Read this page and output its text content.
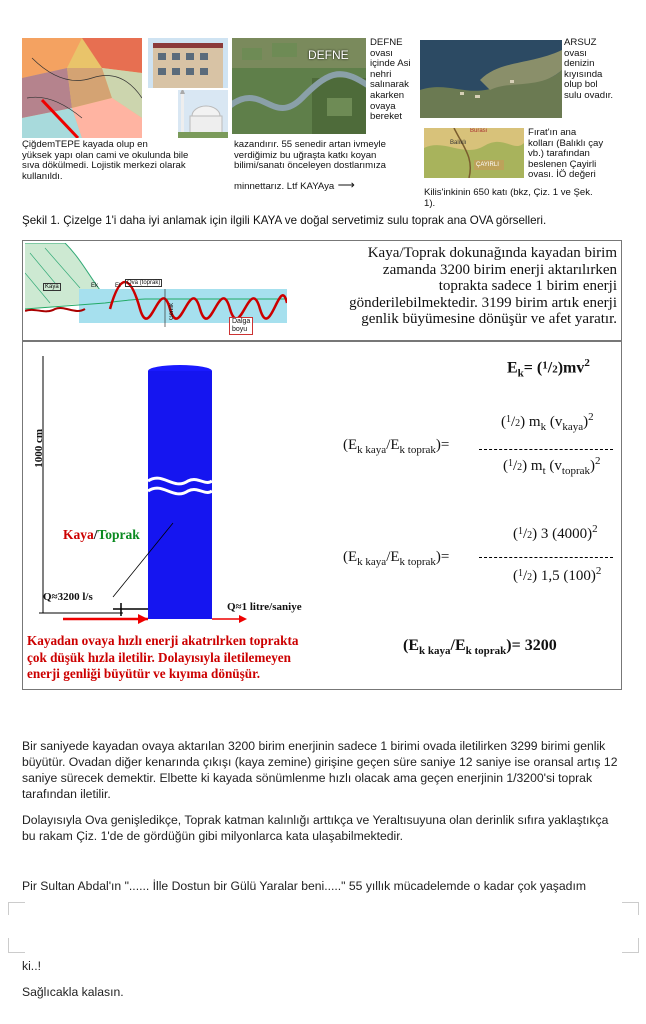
DEFNE
DEFNE
ovası
içinde Asi
nehri
salınarak
akarken
ovaya
bereket
ARSUZ
ovası
denizin
kıyısında
olup bol
sulu ovadır.
ÇiğdemTEPE kayada olup en
yüksek yapı olan cami ve okulunda bile
sıva dökülmedi. Lojistik merkezi olarak
kullanıldı.
kazandırır. 55 senedir artan ivmeyle
verdiğimiz bu uğraşta katkı koyan
bilimi/sanatı önceleyen dostlarımıza
minnettarız. Ltf KAYAya ⟶
Burası
Balıklı
ÇAYIRLI
Fırat'ın ana
kolları (Balıklı çay
vb.) tarafından
beslenen Çayirli
ovası. İÖ değeri
Kilis'inkinin 650 katı (bkz, Çiz. 1 ve Şek.
1).
Şekil 1. Çizelge 1'i daha iyi anlamak için ilgili KAYA ve doğal servetimiz sulu toprak ana OVA görselleri.
Kaya	Ek	Et	Ova (toprak)
Genlik
Dalga
boyu
Kaya/Toprak dokunağında kayadan birim
zamanda 3200 birim enerji aktarılırken
toprakta sadece 1 birim enerji
gönderilebilmektedir. 3199 birim artık enerji
genlik büyümesine dönüşür ve afet yaratır.
1000 cm
Kaya/Toprak
Q≈3200 l/s
Q≈1 litre/saniye
Kayadan ovaya hızlı enerji akatrılrken toprakta
çok düşük hızla iletilir. Dolayısıyla iletilemeyen
enerji genliği büyütür ve kıyıma dönüşür.
$E_k= (^1/2)mv^2$
$(E_{k kaya}/E_{k toprak})=$
($^1$/2) $m_k$ $(v_{kaya})^2$
($^1$/2) $m_t$ $(v_{toprak})^2$
$(E_{k kaya}/E_{k toprak})=$
($^1$/2) 3 $(4000)^2$
($^1$/2) 1,5 $(100)^2$
$(E_{k kaya}/E_{k toprak})= 3200$
Bir saniyede kayadan ovaya aktarılan 3200 birim enerjinin sadece 1 birimi ovada iletilirken 3299 birimi genlik büyütür. Ovadan diğer kenarında çıkışı (kaya zemine) girişine geçen süre saniye 12 saniye ise oransal artış 12 saniye sürecek demektir. Elbette ki kayada sönümlenme hızlı olacak ama geçen enerjinin 1/3200'si toprak tarafından iletilir.
Dolayısıyla Ova genişledikçe, Toprak katman kalınlığı arttıkça ve Yeraltısuyuna olan derinlik sıfıra yaklaştıkça bu rakam Çiz. 1'de de gördüğün gibi milyonlarca kata ulaşabilmektedir.
Pir Sultan Abdal'ın "...... İlle Dostun bir Gülü Yaralar beni....." 55 yıllık mücadelemde o kadar çok yaşadım
ki..!
Sağlıcakla kalasın.
